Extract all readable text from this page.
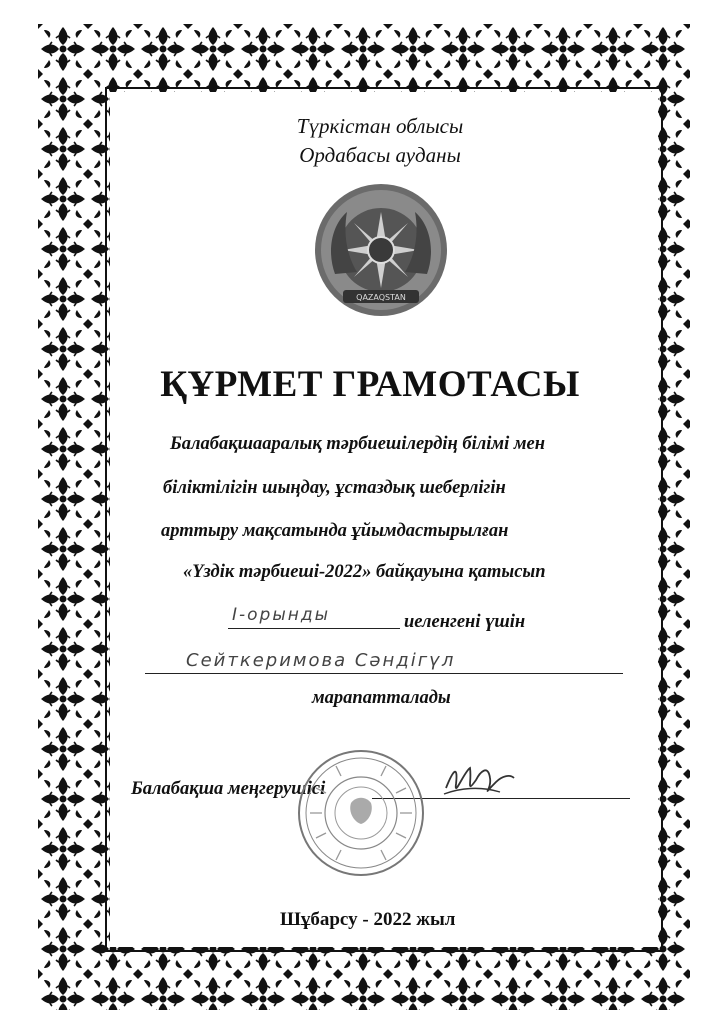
Түркістан облысы
Ордабасы ауданы
QAZAQSTAN
ҚҰРМЕТ ГРАМОТАСЫ
Балабақшааралық тәрбиешілердің білімі мен
біліктілігін шыңдау, ұстаздық шеберлігін
арттыру мақсатында ұйымдастырылған
«Үздік тәрбиеші-2022» байқауына қатысып
I-орынды	иеленгені үшін
Сейткеримова Сәндігүл
марапатталады
Балабақша меңгерушісі
Шұбарсу - 2022 жыл
